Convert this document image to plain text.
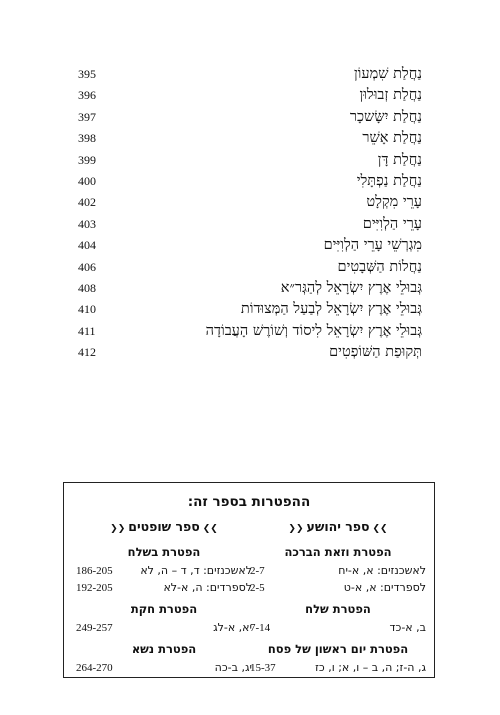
395	נַחֲלַת שִׁמְעוֹן
396	נַחֲלַת זְבוּלוּן
397	נַחֲלַת יִשָּׂשכָר
398	נַחֲלַת אָשֵׁר
399	נַחֲלַת דָּן
400	נַחֲלַת נַפְתָּלִי
402	עָרֵי מִקְלָט
403	עָרֵי הַלְוִיִּים
404	מִגְרְשֵׁי עָרֵי הַלְוִיִּים
406	נַחֲלוֹת הַשְּׁבָטִים
408	גְּבוּלֵי אֶרֶץ יִשְׂרָאֵל לְהַגְּר״א
410	גְּבוּלֵי אֶרֶץ יִשְׂרָאֵל לְבַעַל הַמְּצוּדוֹת
411	גְּבוּלֵי אֶרֶץ יִשְׂרָאֵל לִיסוֹד וְשׁוֹרֶשׁ הָעֲבוֹדָה
412	תְּקוּפַת הַשּׁוֹפְטִים
ההפטרות בספר זה:
❯❯ספר יהושע❮❮
הפטרת וזאת הברכה
2-7	לאשכנזים: א, א-יח
2-5	לספרדים: א, א-ט
הפטרת שלח
7-14	ב, א-כד
הפטרת יום ראשון של פסח
15-37	ג, ה-ז; ה, ב – ו, א; ו, כז
❯❯ספר שופטים❮❮
הפטרת בשלח
186-205	לאשכנזים: ד, ד – ה, לא
192-205	לספרדים: ה, א-לא
הפטרת חקת
249-257	יא, א-לג
הפטרת נשא
264-270	יג, ב-כה
